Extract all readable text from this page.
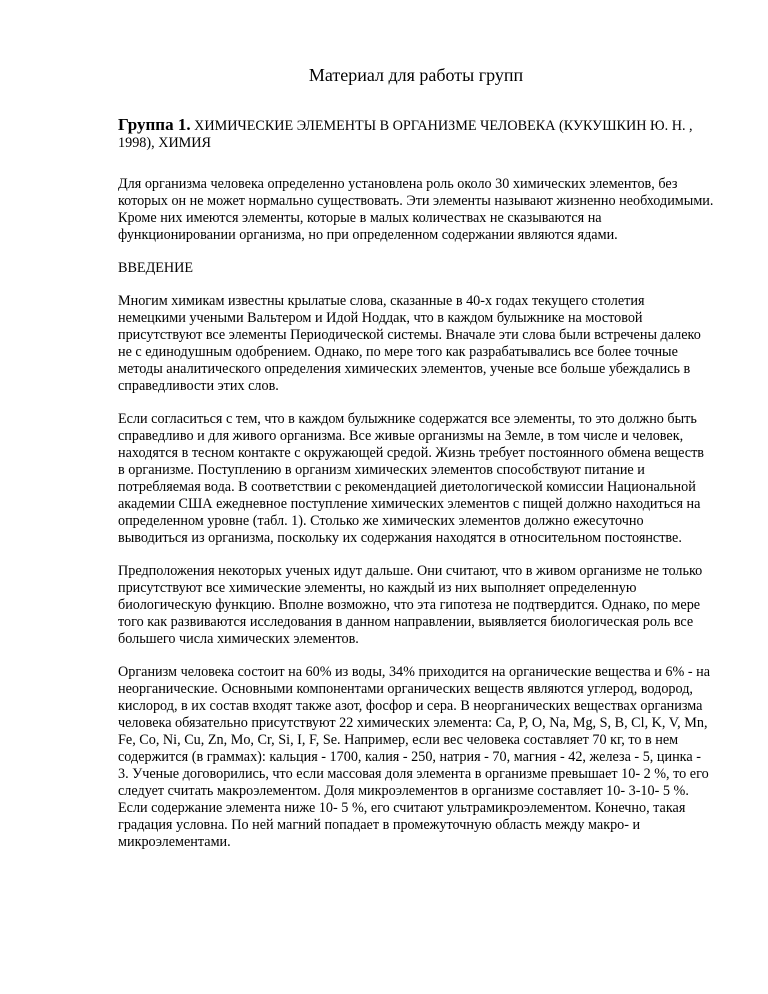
Материал для работы групп
Группа 1. ХИМИЧЕСКИЕ ЭЛЕМЕНТЫ В ОРГАНИЗМЕ ЧЕЛОВЕКА (КУКУШКИН Ю. Н. , 1998), ХИМИЯ

Для организма человека определенно установлена роль около 30 химических элементов, без которых он не может нормально существовать. Эти элементы называют жизненно необходимыми. Кроме них имеются элементы, которые в малых количествах не сказываются на функционировании организма, но при определенном содержании являются ядами.

ВВЕДЕНИЕ

Многим химикам известны крылатые слова, сказанные в 40-х годах текущего столетия немецкими учеными Вальтером и Идой Ноддак, что в каждом булыжнике на мостовой присутствуют все элементы Периодической системы. Вначале эти слова были встречены далеко не с единодушным одобрением. Однако, по мере того как разрабатывались все более точные методы аналитического определения химических элементов, ученые все больше убеждались в справедливости этих слов.

Если согласиться с тем, что в каждом булыжнике содержатся все элементы, то это должно быть справедливо и для живого организма. Все живые организмы на Земле, в том числе и человек, находятся в тесном контакте с окружающей средой. Жизнь требует постоянного обмена веществ в организме. Поступлению в организм химических элементов способствуют питание и потребляемая вода. В соответствии с рекомендацией диетологической комиссии Национальной академии США ежедневное поступление химических элементов с пищей должно находиться на определенном уровне (табл. 1). Столько же химических элементов должно ежесуточно выводиться из организма, поскольку их содержания находятся в относительном постоянстве.

Предположения некоторых ученых идут дальше. Они считают, что в живом организме не только присутствуют все химические элементы, но каждый из них выполняет определенную биологическую функцию. Вполне возможно, что эта гипотеза не подтвердится. Однако, по мере того как развиваются исследования в данном направлении, выявляется биологическая роль все большего числа химических элементов.

Организм человека состоит на 60% из воды, 34% приходится на органические вещества и 6% - на неорганические. Основными компонентами органических веществ являются углерод, водород, кислород, в их состав входят также азот, фосфор и сера. В неорганических веществах организма человека обязательно присутствуют 22 химических элемента: Ca, P, O, Na, Mg, S, B, Cl, K, V, Mn, Fe, Co, Ni, Cu, Zn, Mo, Cr, Si, I, F, Se. Например, если вес человека составляет 70 кг, то в нем содержится (в граммах): кальция - 1700, калия - 250, натрия - 70, магния - 42, железа - 5, цинка - 3. Ученые договорились, что если массовая доля элемента в организме превышает 10- 2 %, то его следует считать макроэлементом. Доля микроэлементов в организме составляет 10- 3-10- 5 %. Если содержание элемента ниже 10- 5 %, его считают ультрамикроэлементом. Конечно, такая градация условна. По ней магний попадает в промежуточную область между макро- и микроэлементами.
